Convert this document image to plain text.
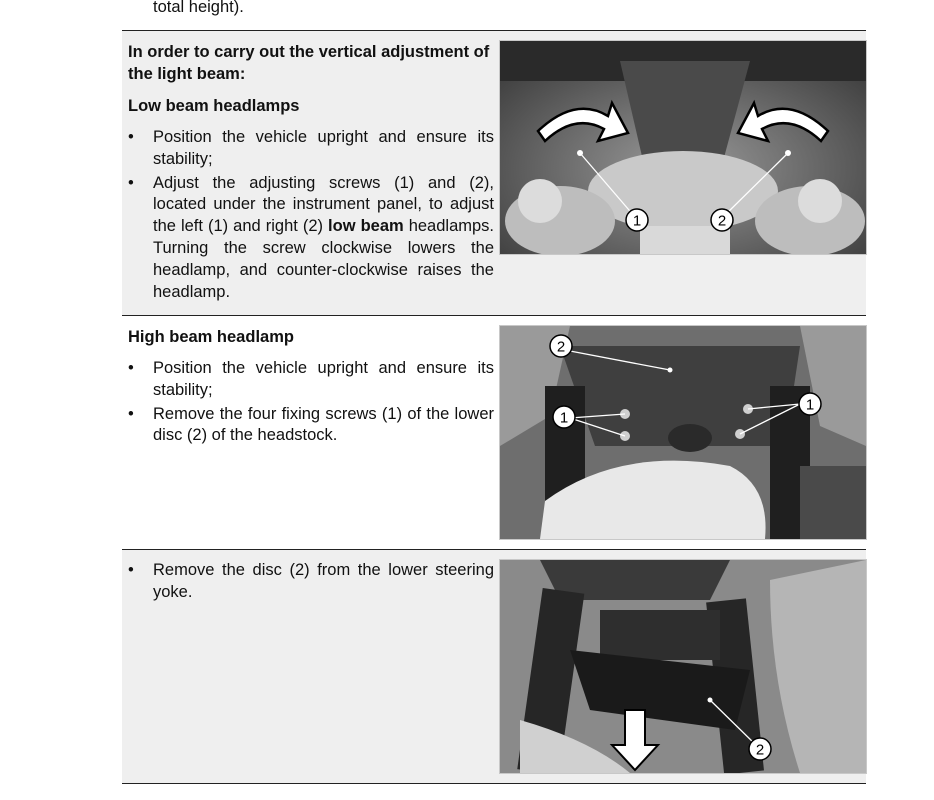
total height).

In order to carry out the vertical adjustment of the light beam:

Low beam headlamps

• Position the vehicle upright and ensure its stability;
• Adjust the adjusting screws (1) and (2), located under the instrument panel, to adjust the left (1) and right (2) low beam headlamps. Turning the screw clockwise lowers the headlamp, and counter-clockwise raises the headlamp.
1	2

High beam headlamp

• Position the vehicle upright and ensure its stability;
• Remove the four fixing screws (1) of the lower disc (2) of the headstock.
2
1
1
• Remove the disc (2) from the lower steering yoke.
2
